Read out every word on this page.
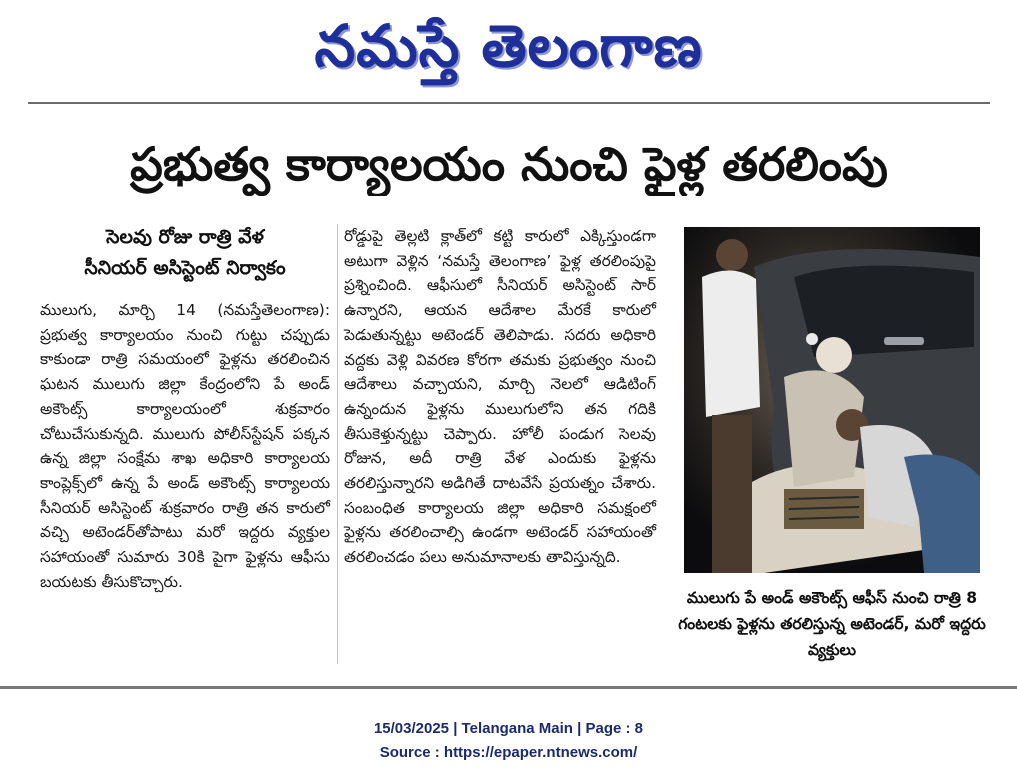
నమస్తే తెలంగాణ
ప్రభుత్వ కార్యాలయం నుంచి ఫైళ్ల తరలింపు
సెలవు రోజు రాత్రి వేళ
సీనియర్ అసిస్టెంట్ నిర్వాకం

ములుగు, మార్చి 14 (నమస్తేతెలంగాణ): ప్రభుత్వ కార్యాలయం నుంచి గుట్టు చప్పుడు కాకుండా రాత్రి సమయంలో ఫైళ్లను తరలించిన ఘటన ములుగు జిల్లా కేంద్రంలోని పే అండ్ అకౌంట్స్ కార్యాలయంలో శుక్రవారం చోటుచేసుకున్నది. ములుగు పోలీస్‌స్టేషన్ పక్కన ఉన్న జిల్లా సంక్షేమ శాఖ అధికారి కార్యాలయ కాంప్లెక్స్‌లో ఉన్న పే అండ్ అకౌంట్స్ కార్యాలయ సీనియర్ అసిస్టెంట్ శుక్రవారం రాత్రి తన కారులో వచ్చి అటెండర్‌తోపాటు మరో ఇద్దరు వ్యక్తుల సహాయంతో సుమారు 30కి పైగా ఫైళ్లను ఆఫీసు బయటకు తీసుకొచ్చారు.

రోడ్డుపై తెల్లటి క్లాత్‌లో కట్టి కారులో ఎక్కిస్తుండగా అటుగా వెళ్లిన ‘నమస్తే తెలంగాణ’ ఫైళ్ల తరలింపుపై ప్రశ్నించింది. ఆఫీసులో సీనియర్ అసిస్టెంట్ సార్ ఉన్నారని, ఆయన ఆదేశాల మేరకే కారులో పెడుతున్నట్టు అటెండర్ తెలిపాడు. సదరు అధికారి వద్దకు వెళ్లి వివరణ కోరగా తమకు ప్రభుత్వం నుంచి ఆదేశాలు వచ్చాయని, మార్చి నెలలో ఆడిటింగ్ ఉన్నందున ఫైళ్లను ములుగులోని తన గదికి తీసుకెళ్తున్నట్టు చెప్పారు. హోలీ పండుగ సెలవు రోజున, అదీ రాత్రి వేళ ఎందుకు ఫైళ్లను తరలిస్తున్నారని అడిగితే దాటవేసే ప్రయత్నం చేశారు. సంబంధిత కార్యాలయ జిల్లా అధికారి సమక్షంలో ఫైళ్లను తరలించాల్సి ఉండగా అటెండర్ సహాయంతో తరలించడం పలు అనుమానాలకు తావిస్తున్నది.

ములుగు పే అండ్ అకౌంట్స్ ఆఫీస్ నుంచి రాత్రి 8 గంటలకు ఫైళ్లను తరలిస్తున్న అటెండర్, మరో ఇద్దరు వ్యక్తులు
15/03/2025 | Telangana Main | Page : 8
Source : https://epaper.ntnews.com/
